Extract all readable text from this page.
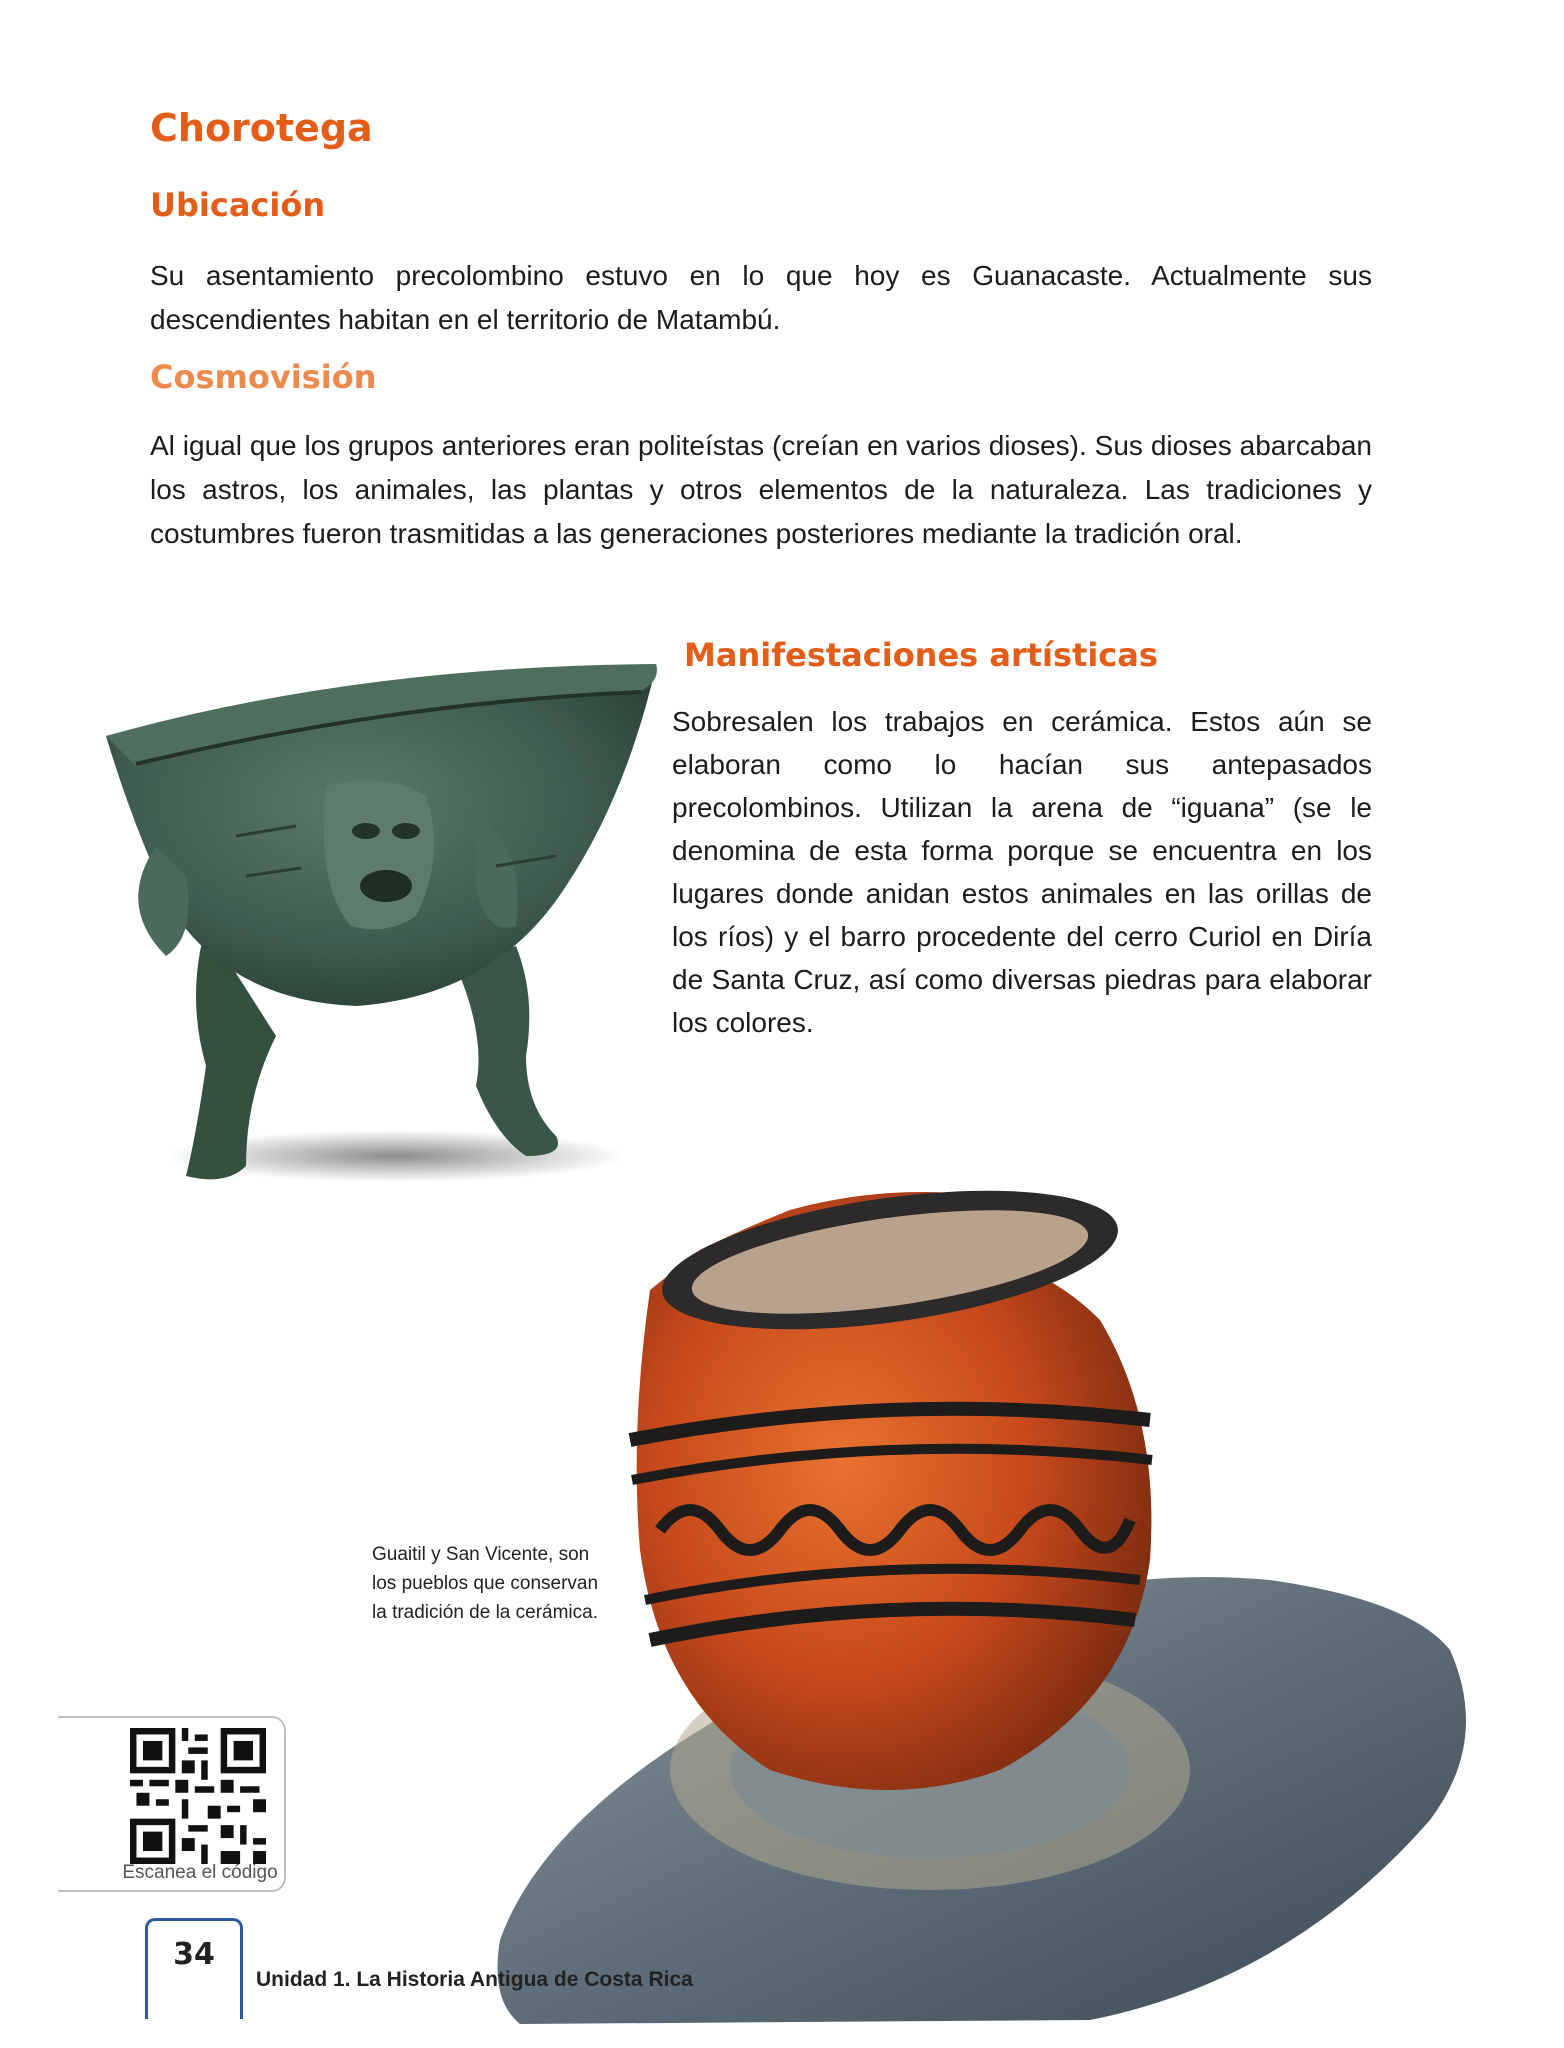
Chorotega
Ubicación

Su asentamiento precolombino estuvo en lo que hoy es Guanacaste. Actualmente sus descendientes habitan en el territorio de Matambú.

Cosmovisión

Al igual que los grupos anteriores eran politeístas (creían en varios dioses). Sus dioses abarcaban los astros, los animales, las plantas y otros elementos de la naturaleza. Las tradiciones y costumbres fueron trasmitidas a las generaciones posteriores mediante la tradición oral.

Manifestaciones artísticas

Sobresalen los trabajos en cerámica. Estos aún se elaboran como lo hacían sus antepasados precolombinos. Utilizan la arena de “iguana” (se le denomina de esta forma porque se encuentra en los lugares donde anidan estos animales en las orillas de los ríos) y el barro procedente del cerro Curiol en Diría de Santa Cruz, así como diversas piedras para elaborar los colores.

Guaitil y San Vicente, son los pueblos que conservan la tradición de la cerámica.

Escanea el código
34
Unidad 1. La Historia Antigua de Costa Rica
